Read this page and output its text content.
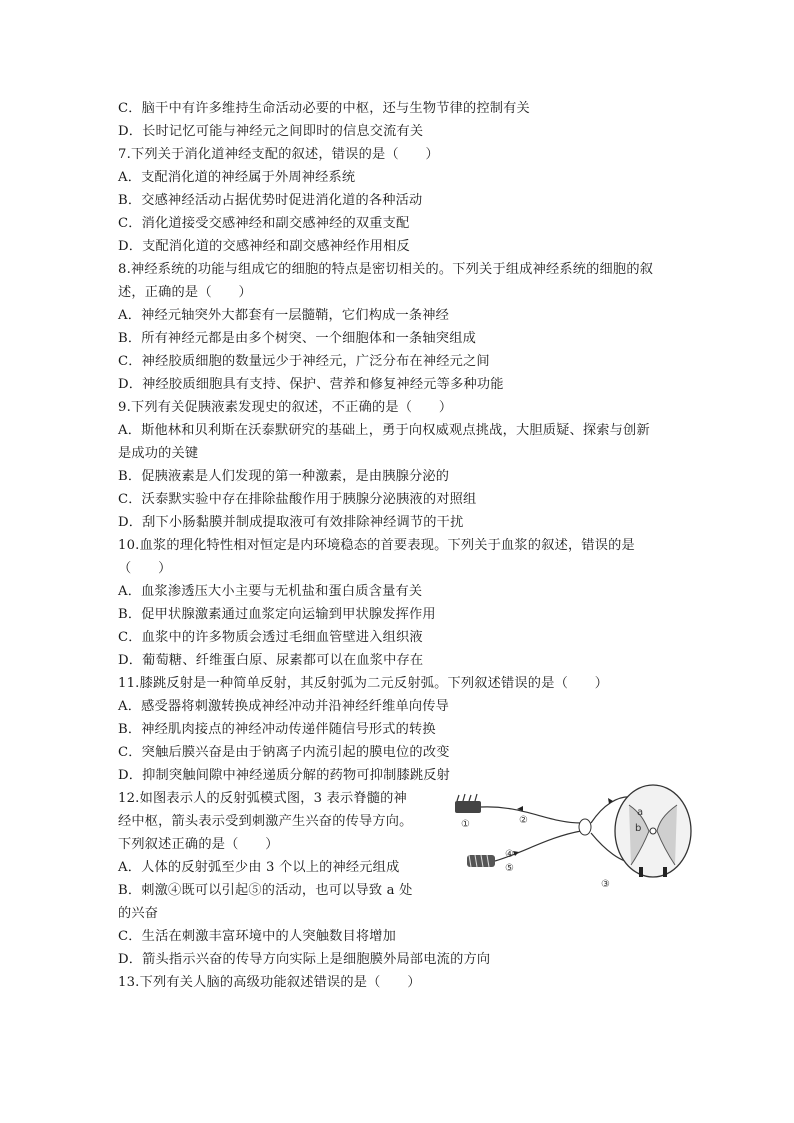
C．脑干中有许多维持生命活动必要的中枢，还与生物节律的控制有关
D．长时记忆可能与神经元之间即时的信息交流有关
7.下列关于消化道神经支配的叙述，错误的是（　　）
A．支配消化道的神经属于外周神经系统
B．交感神经活动占据优势时促进消化道的各种活动
C．消化道接受交感神经和副交感神经的双重支配
D．支配消化道的交感神经和副交感神经作用相反
8.神经系统的功能与组成它的细胞的特点是密切相关的。下列关于组成神经系统的细胞的叙
述，正确的是（　　）
A．神经元轴突外大都套有一层髓鞘，它们构成一条神经
B．所有神经元都是由多个树突、一个细胞体和一条轴突组成
C．神经胶质细胞的数量远少于神经元，广泛分布在神经元之间
D．神经胶质细胞具有支持、保护、营养和修复神经元等多种功能
9.下列有关促胰液素发现史的叙述，不正确的是（　　）
A．斯他林和贝利斯在沃泰默研究的基础上，勇于向权威观点挑战，大胆质疑、探索与创新
是成功的关键
B．促胰液素是人们发现的第一种激素，是由胰腺分泌的
C．沃泰默实验中存在排除盐酸作用于胰腺分泌胰液的对照组
D．刮下小肠黏膜并制成提取液可有效排除神经调节的干扰
10.血浆的理化特性相对恒定是内环境稳态的首要表现。下列关于血浆的叙述，错误的是
（　　）
A．血浆渗透压大小主要与无机盐和蛋白质含量有关
B．促甲状腺激素通过血浆定向运输到甲状腺发挥作用
C．血浆中的许多物质会透过毛细血管壁进入组织液
D．葡萄糖、纤维蛋白原、尿素都可以在血浆中存在
11.膝跳反射是一种简单反射，其反射弧为二元反射弧。下列叙述错误的是（　　）
A．感受器将刺激转换成神经冲动并沿神经纤维单向传导
B．神经肌肉接点的神经冲动传递伴随信号形式的转换
C．突触后膜兴奋是由于钠离子内流引起的膜电位的改变
D．抑制突触间隙中神经递质分解的药物可抑制膝跳反射
12.如图表示人的反射弧模式图，3 表示脊髓的神
经中枢，箭头表示受到刺激产生兴奋的传导方向。
下列叙述正确的是（　　）
A．人体的反射弧至少由 3 个以上的神经元组成
B．刺激④既可以引起⑤的活动，也可以导致 a 处
的兴奋
①	②
③
④
⑤
a
b
C．生活在刺激丰富环境中的人突触数目将增加
D．箭头指示兴奋的传导方向实际上是细胞膜外局部电流的方向
13.下列有关人脑的高级功能叙述错误的是（　　）
